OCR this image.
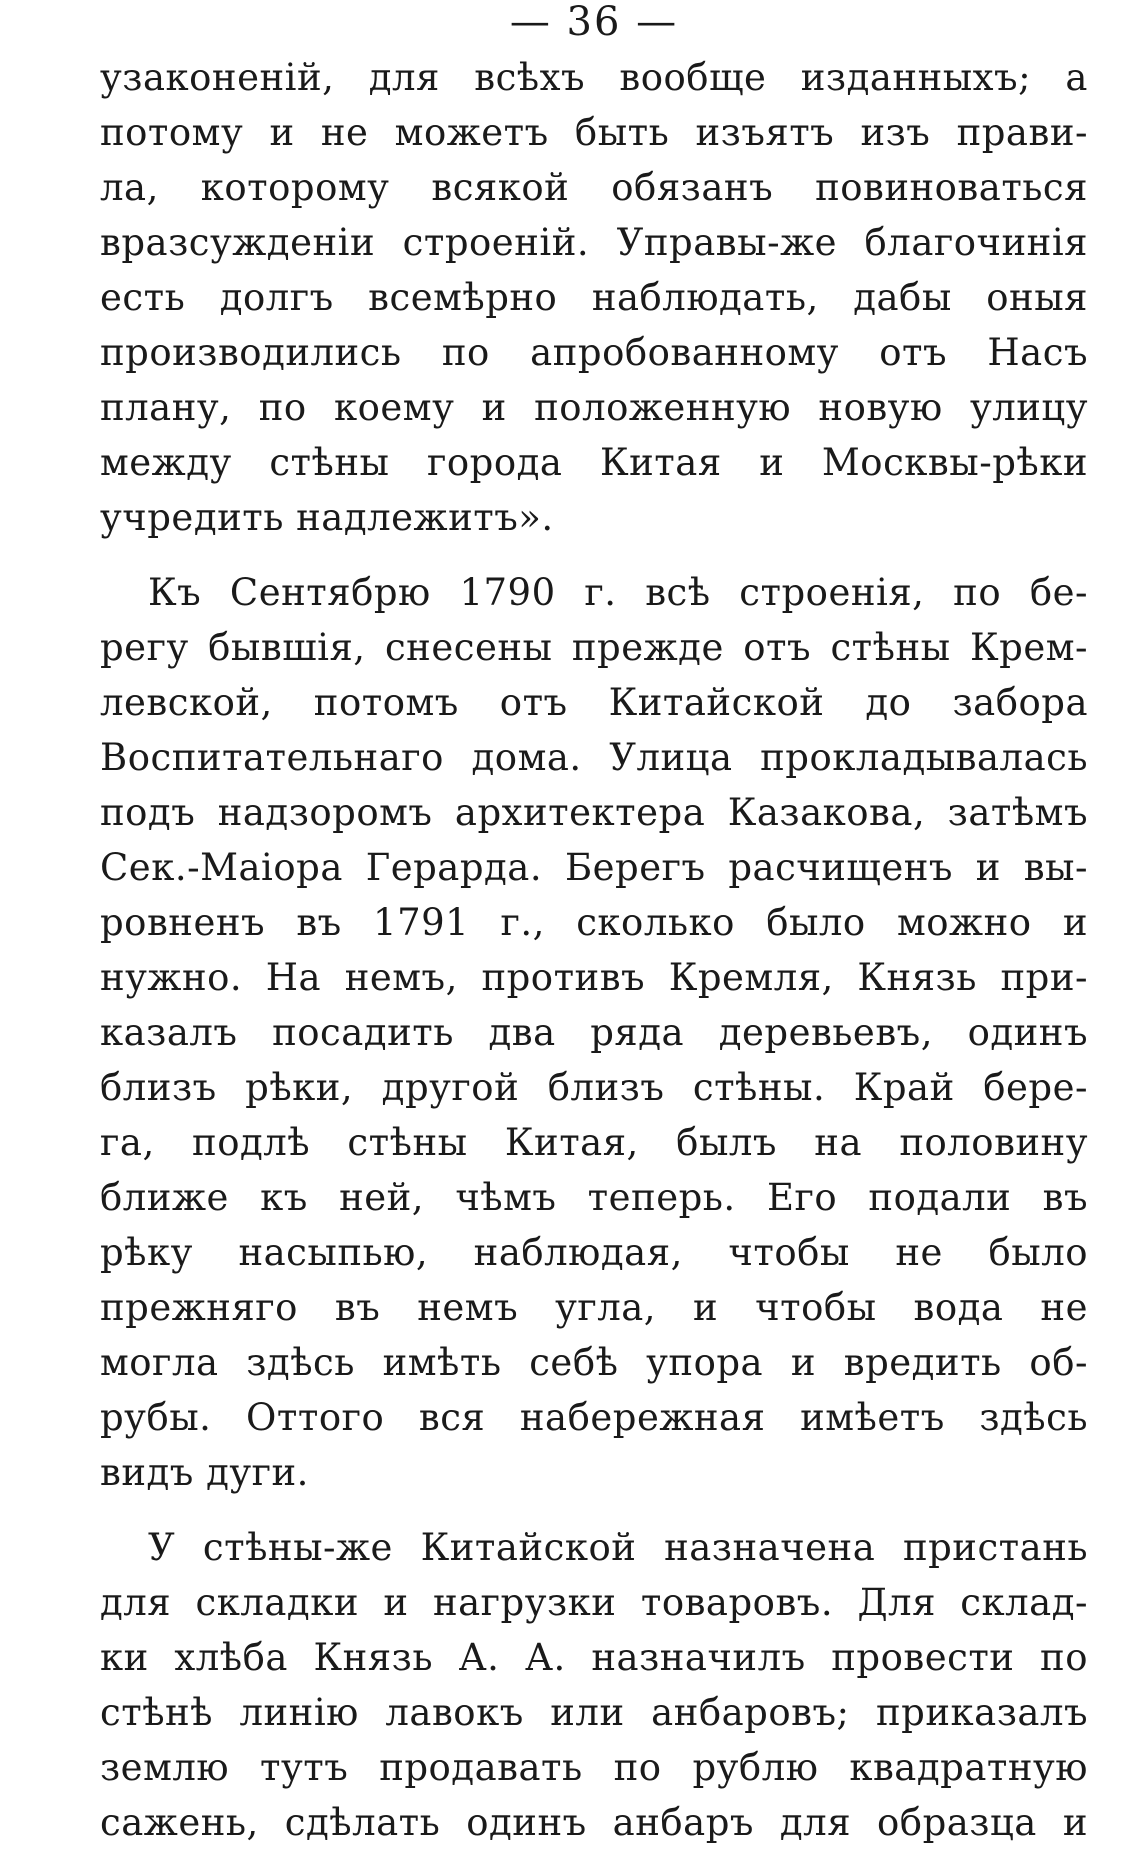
— 36 —
узаконеній, для всѣхъ вообще изданныхъ; а
потому и не можетъ быть изъятъ изъ прави-
ла, которому всякой обязанъ повиноваться
вразсужденіи строеній. Управы-же благочинія
есть долгъ всемѣрно наблюдать, дабы оныя
производились по апробованному отъ Насъ
плану, по коему и положенную новую улицу
между стѣны города Китая и Москвы-рѣки
учредить надлежитъ».
Къ Сентябрю 1790 г. всѣ строенія, по бе-
регу бывшія, снесены прежде отъ стѣны Крем-
левской, потомъ отъ Китайской до забора
Воспитательнаго дома. Улица прокладывалась
подъ надзоромъ архитектера Казакова, затѣмъ
Сек.-Маіора Герарда. Берегъ расчищенъ и вы-
ровненъ въ 1791 г., сколько было можно и
нужно. На немъ, противъ Кремля, Князь при-
казалъ посадить два ряда деревьевъ, одинъ
близъ рѣки, другой близъ стѣны. Край бере-
га, подлѣ стѣны Китая, былъ на половину
ближе къ ней, чѣмъ теперь. Его подали въ
рѣку насыпью, наблюдая, чтобы не было
прежняго въ немъ угла, и чтобы вода не
могла здѣсь имѣть себѣ упора и вредить об-
рубы. Оттого вся набережная имѣетъ здѣсь
видъ дуги.
У стѣны-же Китайской назначена пристань
для складки и нагрузки товаровъ. Для склад-
ки хлѣба Князь А. А. назначилъ провести по
стѣнѣ линію лавокъ или анбаровъ; приказалъ
землю тутъ продавать по рублю квадратную
сажень, сдѣлать одинъ анбаръ для образца и
